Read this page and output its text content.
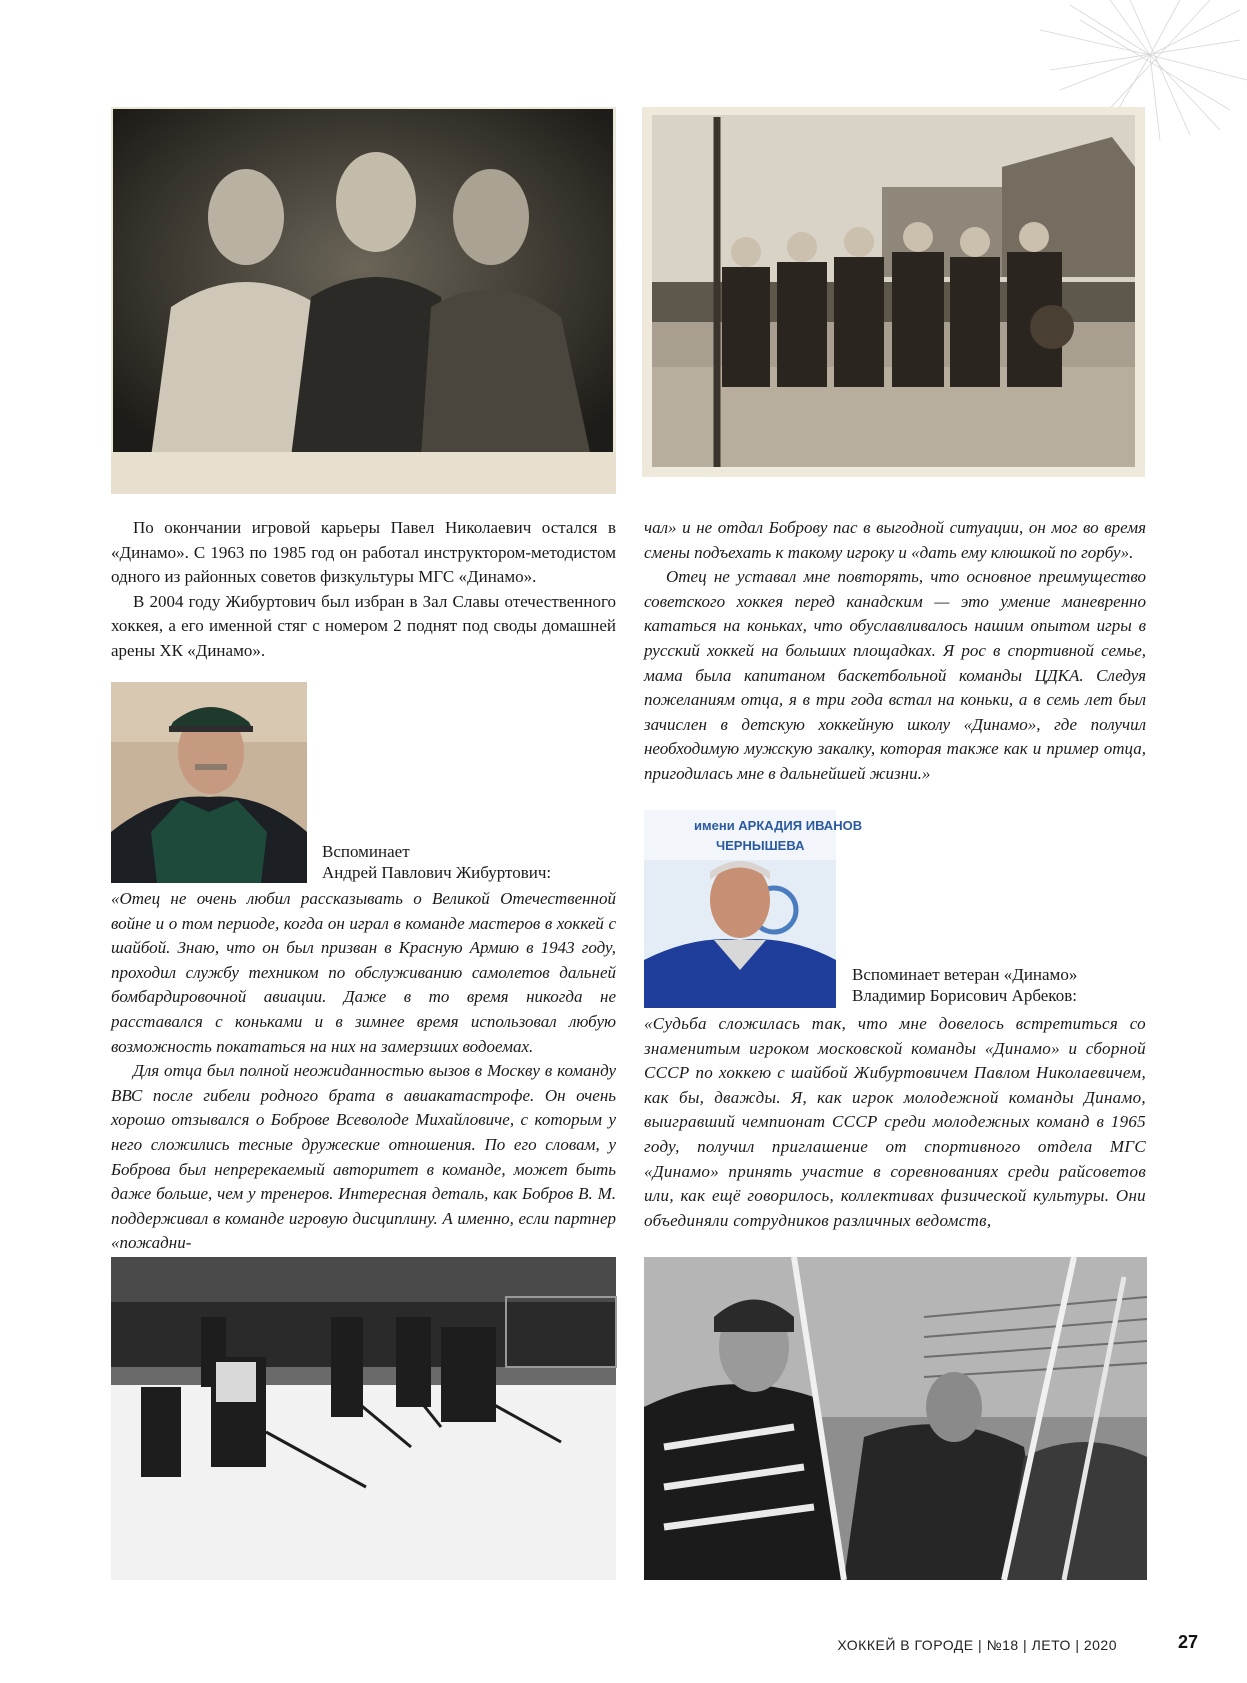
По окончании игровой карьеры Павел Николаевич остался в «Динамо». С 1963 по 1985 год он работал инструктором-методистом одного из районных советов физкультуры МГС «Динамо».

В 2004 году Жибуртович был избран в Зал Славы отечественного хоккея, а его именной стяг с номером 2 поднят под своды домашней арены ХК «Динамо».

Вспоминает
Андрей Павлович Жибуртович:

«Отец не очень любил рассказывать о Великой Отечественной войне и о том периоде, когда он играл в команде мастеров в хоккей с шайбой. Знаю, что он был призван в Красную Армию в 1943 году, проходил службу техником по обслуживанию самолетов дальней бомбардировочной авиации. Даже в то время никогда не расставался с коньками и в зимнее время использовал любую возможность покататься на них на замерзших водоемах.

Для отца был полной неожиданностью вызов в Москву в команду ВВС после гибели родного брата в авиакатастрофе. Он очень хорошо отзывался о Боброве Всеволоде Михайловиче, с которым у него сложились тесные дружеские отношения. По его словам, у Боброва был непререкаемый авторитет в команде, может быть даже больше, чем у тренеров. Интересная деталь, как Бобров В. М. поддерживал в команде игровую дисциплину. А именно, если партнер «пожадни-

чал» и не отдал Боброву пас в выгодной ситуации, он мог во время смены подъехать к такому игроку и «дать ему клюшкой по горбу».

Отец не уставал мне повторять, что основное преимущество советского хоккея перед канадским — это умение маневренно кататься на коньках, что обуславливалось нашим опытом игры в русский хоккей на больших площадках. Я рос в спортивной семье, мама была капитаном баскетбольной команды ЦДКА. Следуя пожеланиям отца, я в три года встал на коньки, а в семь лет был зачислен в детскую хоккейную школу «Динамо», где получил необходимую мужскую закалку, которая также как и пример отца, пригодилась мне в дальнейшей жизни.»

имени АРКАДИЯ ИВАНОВ
ЧЕРНЫШЕВА
Вспоминает ветеран «Динамо»
Владимир Борисович Арбеков:

«Судьба сложилась так, что мне довелось встретиться со знаменитым игроком московской команды «Динамо» и сборной СССР по хоккею с шайбой Жибуртовичем Павлом Николаевичем, как бы, дважды. Я, как игрок молодежной команды Динамо, выигравший чемпионат СССР среди молодежных команд в 1965 году, получил приглашение от спортивного отдела МГС «Динамо» принять участие в соревнованиях среди райсоветов или, как ещё говорилось, коллективах физической культуры. Они объединяли сотрудников различных ведомств,

ХОККЕЙ В ГОРОДЕ | №18 | ЛЕТО | 2020	27
